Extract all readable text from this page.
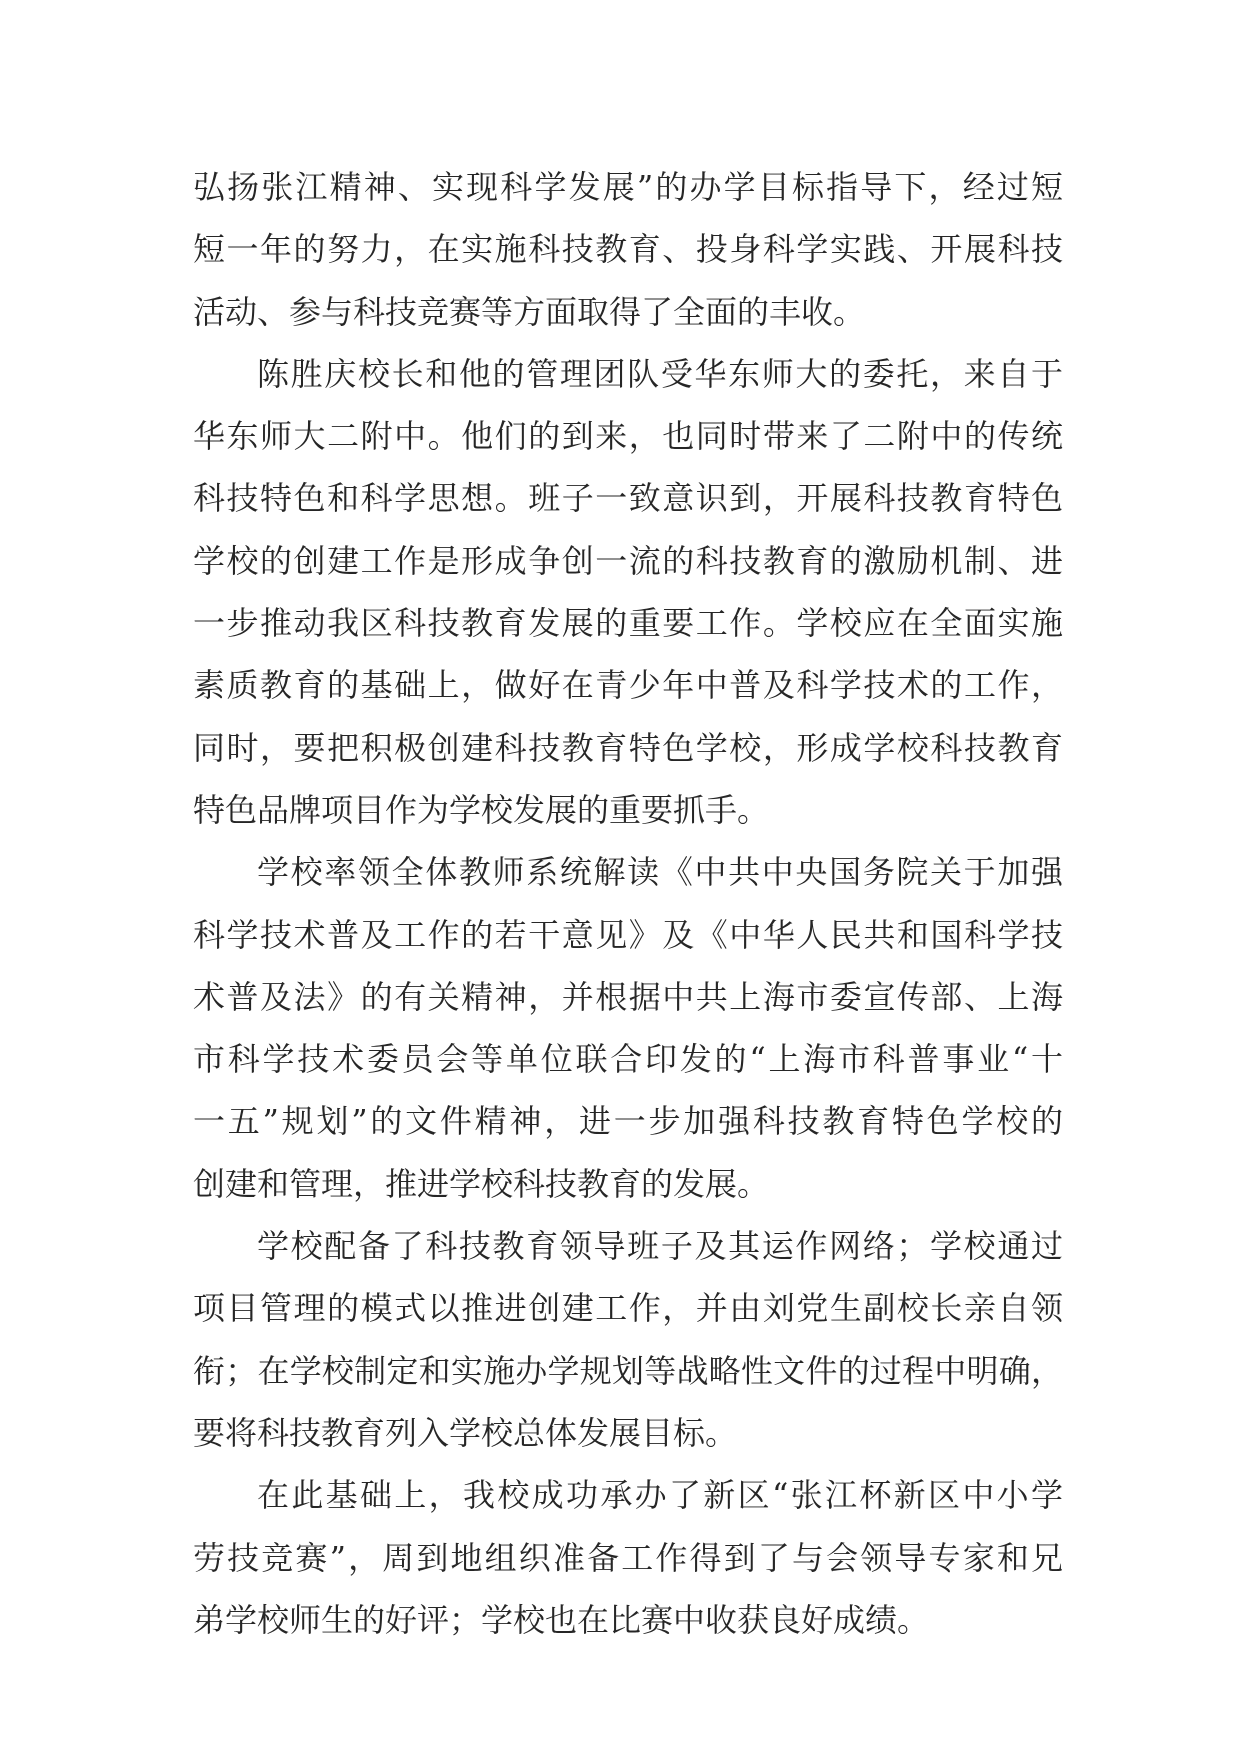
弘扬张江精神、实现科学发展”的办学目标指导下，经过短
短一年的努力，在实施科技教育、投身科学实践、开展科技
活动、参与科技竞赛等方面取得了全面的丰收。
陈胜庆校长和他的管理团队受华东师大的委托，来自于
华东师大二附中。他们的到来，也同时带来了二附中的传统
科技特色和科学思想。班子一致意识到，开展科技教育特色
学校的创建工作是形成争创一流的科技教育的激励机制、进
一步推动我区科技教育发展的重要工作。学校应在全面实施
素质教育的基础上，做好在青少年中普及科学技术的工作，
同时，要把积极创建科技教育特色学校，形成学校科技教育
特色品牌项目作为学校发展的重要抓手。
学校率领全体教师系统解读《中共中央国务院关于加强
科学技术普及工作的若干意见》及《中华人民共和国科学技
术普及法》的有关精神，并根据中共上海市委宣传部、上海
市科学技术委员会等单位联合印发的“上海市科普事业“十
一五”规划”的文件精神，进一步加强科技教育特色学校的
创建和管理，推进学校科技教育的发展。
学校配备了科技教育领导班子及其运作网络；学校通过
项目管理的模式以推进创建工作，并由刘党生副校长亲自领
衔；在学校制定和实施办学规划等战略性文件的过程中明确，
要将科技教育列入学校总体发展目标。
在此基础上，我校成功承办了新区“张江杯新区中小学
劳技竞赛”，周到地组织准备工作得到了与会领导专家和兄
弟学校师生的好评；学校也在比赛中收获良好成绩。
